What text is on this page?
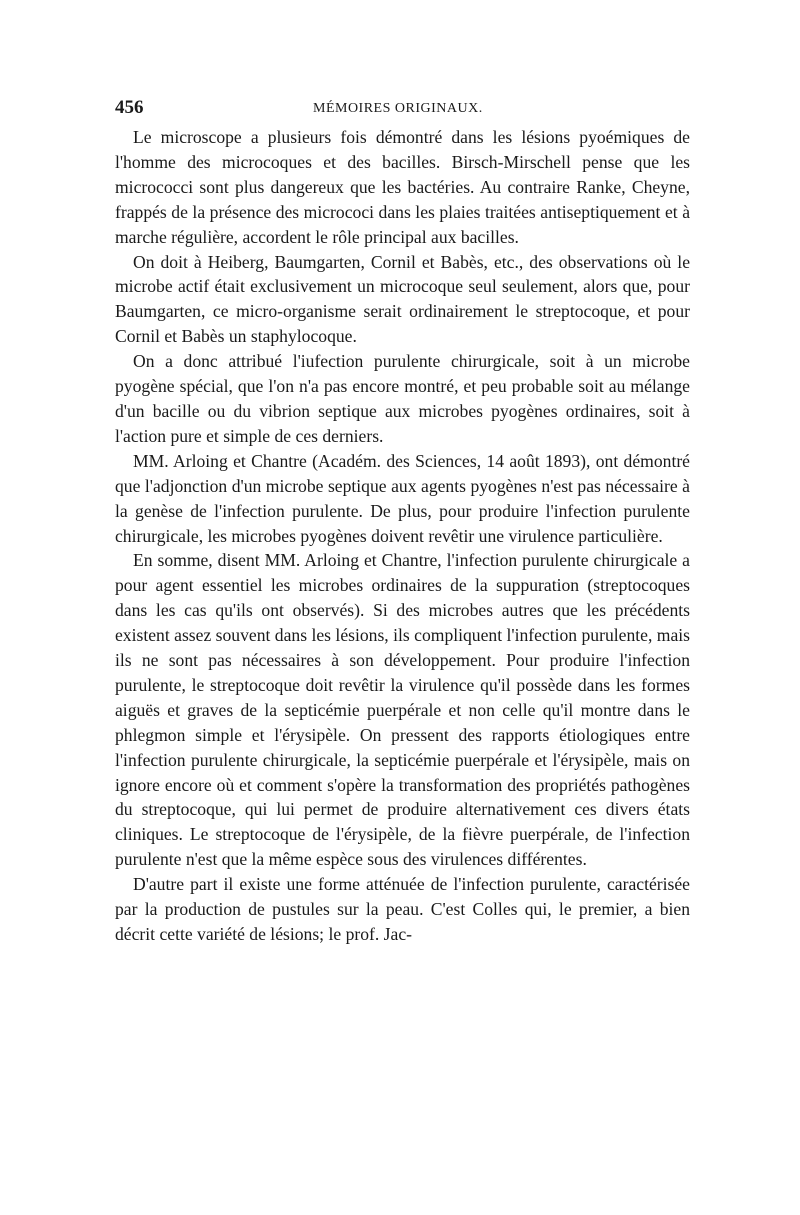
456	MÉMOIRES ORIGINAUX.

Le microscope a plusieurs fois démontré dans les lésions pyoémiques de l'homme des microcoques et des bacilles. Birsch-Mirschell pense que les micrococci sont plus dangereux que les bactéries. Au contraire Ranke, Cheyne, frappés de la présence des micrococi dans les plaies traitées antiseptiquement et à marche régulière, accordent le rôle principal aux bacilles.

On doit à Heiberg, Baumgarten, Cornil et Babès, etc., des observations où le microbe actif était exclusivement un microcoque seul seulement, alors que, pour Baumgarten, ce micro-organisme serait ordinairement le streptocoque, et pour Cornil et Babès un staphylocoque.

On a donc attribué l'iufection purulente chirurgicale, soit à un microbe pyogène spécial, que l'on n'a pas encore montré, et peu probable soit au mélange d'un bacille ou du vibrion septique aux microbes pyogènes ordinaires, soit à l'action pure et simple de ces derniers.

MM. Arloing et Chantre (Académ. des Sciences, 14 août 1893), ont démontré que l'adjonction d'un microbe septique aux agents pyogènes n'est pas nécessaire à la genèse de l'infection purulente. De plus, pour produire l'infection purulente chirurgicale, les microbes pyogènes doivent revêtir une virulence particulière.

En somme, disent MM. Arloing et Chantre, l'infection purulente chirurgicale a pour agent essentiel les microbes ordinaires de la suppuration (streptocoques dans les cas qu'ils ont observés). Si des microbes autres que les précédents existent assez souvent dans les lésions, ils compliquent l'infection purulente, mais ils ne sont pas nécessaires à son développement. Pour produire l'infection purulente, le streptocoque doit revêtir la virulence qu'il possède dans les formes aiguës et graves de la septicémie puerpérale et non celle qu'il montre dans le phlegmon simple et l'érysipèle. On pressent des rapports étiologiques entre l'infection purulente chirurgicale, la septicémie puerpérale et l'érysipèle, mais on ignore encore où et comment s'opère la transformation des propriétés pathogènes du streptocoque, qui lui permet de produire alternativement ces divers états cliniques. Le streptocoque de l'érysipèle, de la fièvre puerpérale, de l'infection purulente n'est que la même espèce sous des virulences différentes.

D'autre part il existe une forme atténuée de l'infection purulente, caractérisée par la production de pustules sur la peau. C'est Colles qui, le premier, a bien décrit cette variété de lésions; le prof. Jac-
